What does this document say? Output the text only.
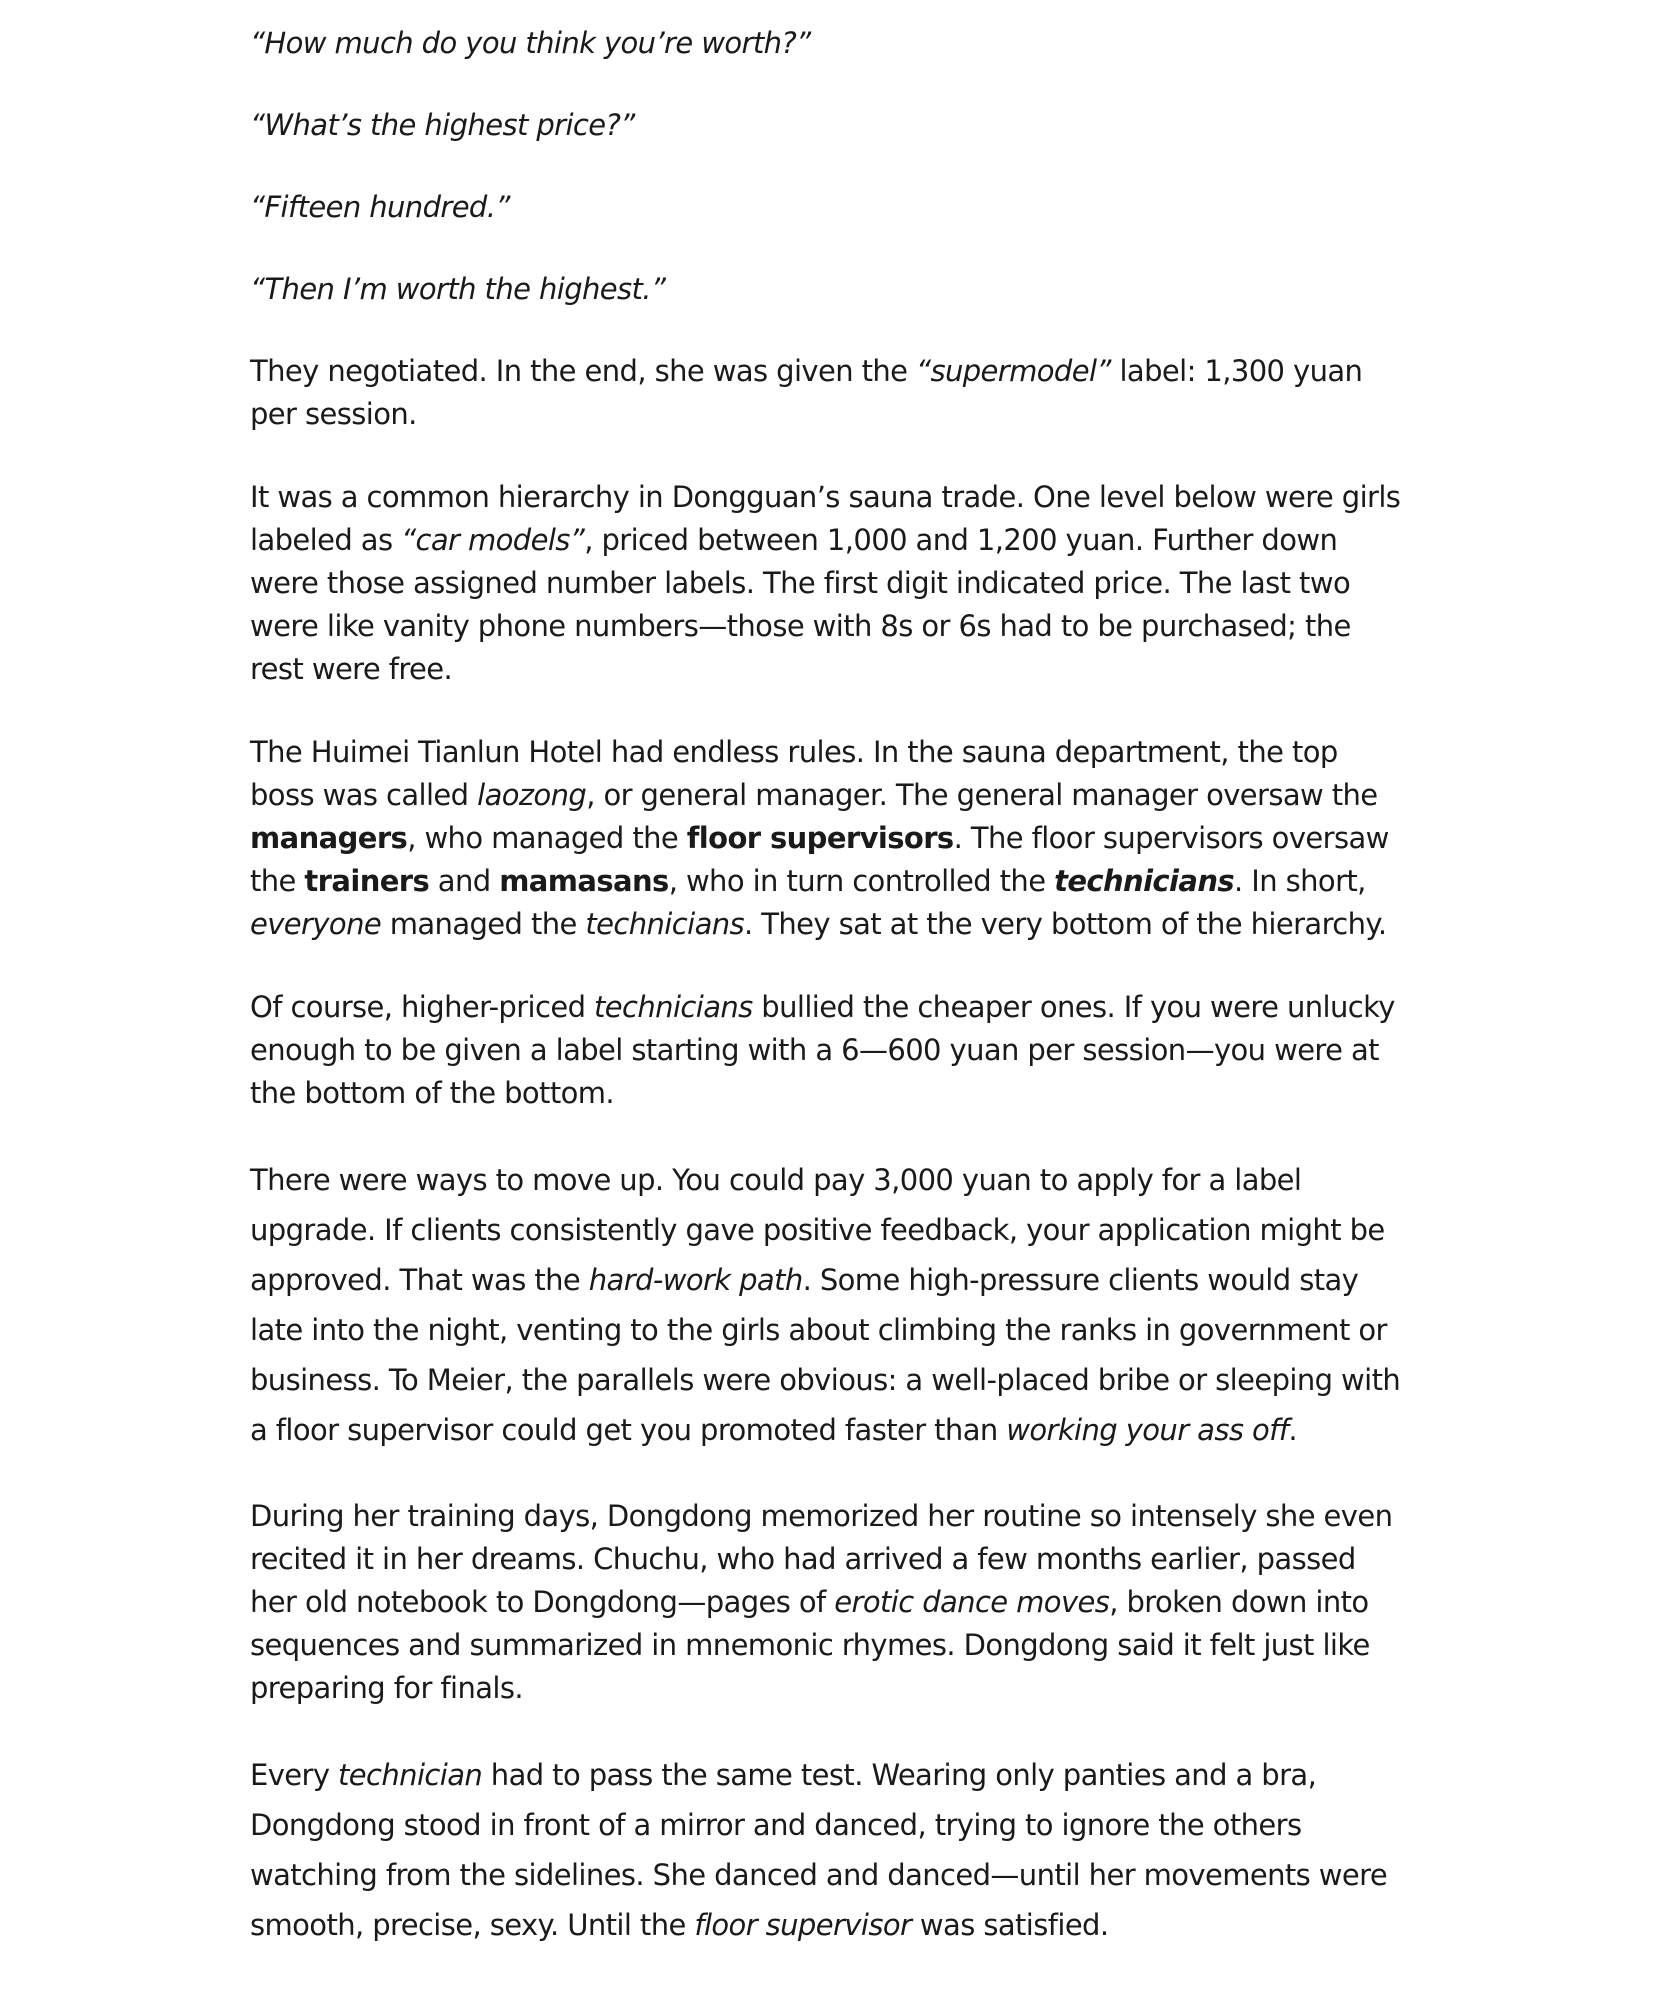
“How much do you think you’re worth?”

“What’s the highest price?”

“Fifteen hundred.”

“Then I’m worth the highest.”

They negotiated. In the end, she was given the “supermodel” label: 1,300 yuan per session.

It was a common hierarchy in Dongguan’s sauna trade. One level below were girls labeled as “car models”, priced between 1,000 and 1,200 yuan. Further down were those assigned number labels. The first digit indicated price. The last two were like vanity phone numbers—those with 8s or 6s had to be purchased; the rest were free.

The Huimei Tianlun Hotel had endless rules. In the sauna department, the top boss was called laozong, or general manager. The general manager oversaw the managers, who managed the floor supervisors. The floor supervisors oversaw the trainers and mamasans, who in turn controlled the technicians. In short, everyone managed the technicians. They sat at the very bottom of the hierarchy.

Of course, higher-priced technicians bullied the cheaper ones. If you were unlucky enough to be given a label starting with a 6—600 yuan per session—you were at the bottom of the bottom.

There were ways to move up. You could pay 3,000 yuan to apply for a label upgrade. If clients consistently gave positive feedback, your application might be approved. That was the hard-work path. Some high-pressure clients would stay late into the night, venting to the girls about climbing the ranks in government or business. To Meier, the parallels were obvious: a well-placed bribe or sleeping with a floor supervisor could get you promoted faster than working your ass off.

During her training days, Dongdong memorized her routine so intensely she even recited it in her dreams. Chuchu, who had arrived a few months earlier, passed her old notebook to Dongdong—pages of erotic dance moves, broken down into sequences and summarized in mnemonic rhymes. Dongdong said it felt just like preparing for finals.

Every technician had to pass the same test. Wearing only panties and a bra, Dongdong stood in front of a mirror and danced, trying to ignore the others watching from the sidelines. She danced and danced—until her movements were smooth, precise, sexy. Until the floor supervisor was satisfied.
